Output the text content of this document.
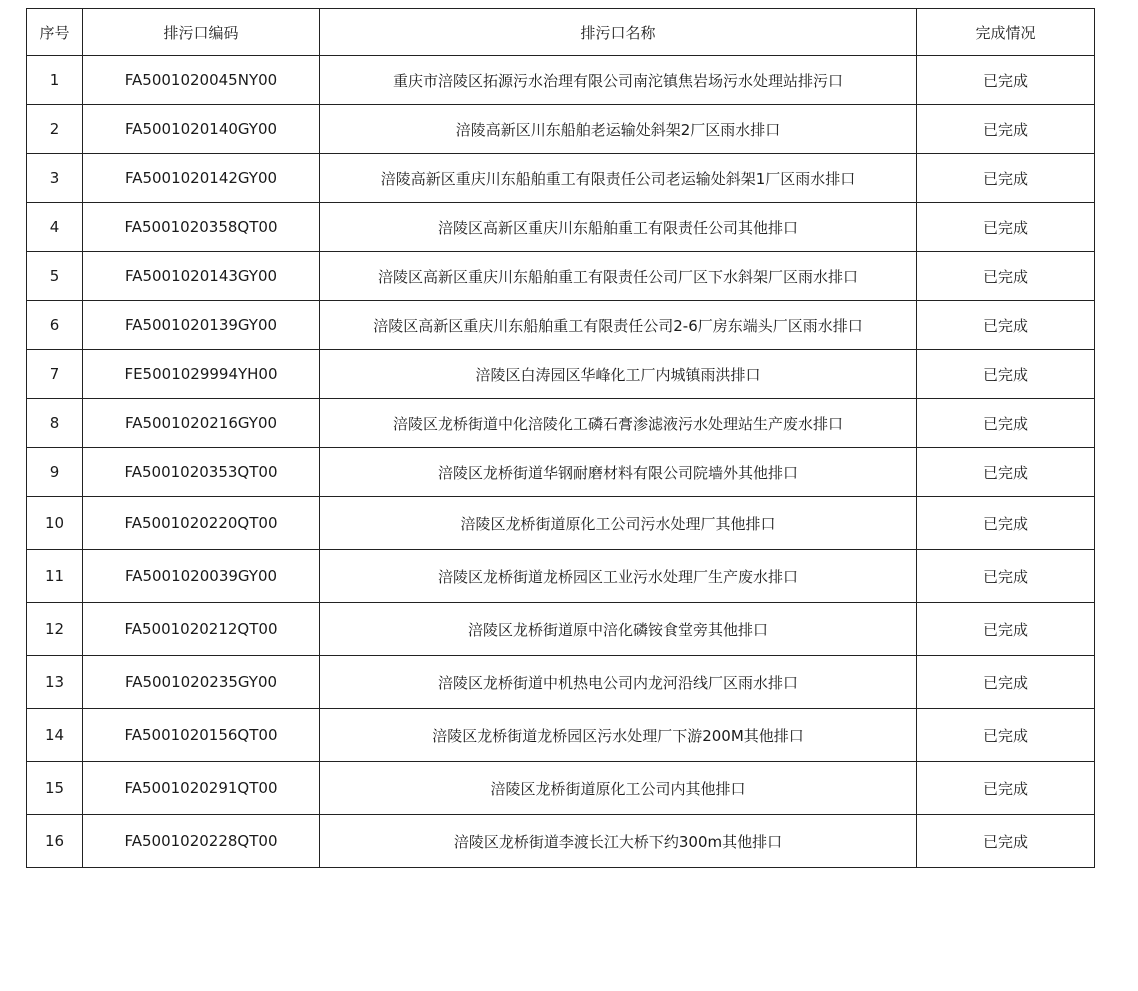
序号	排污口编码	排污口名称	完成情况
1	FA5001020045NY00	重庆市涪陵区拓源污水治理有限公司南沱镇焦岩场污水处理站排污口	已完成
2	FA5001020140GY00	涪陵高新区川东船舶老运输处斜架2厂区雨水排口	已完成
3	FA5001020142GY00	涪陵高新区重庆川东船舶重工有限责任公司老运输处斜架1厂区雨水排口	已完成
4	FA5001020358QT00	涪陵区高新区重庆川东船舶重工有限责任公司其他排口	已完成
5	FA5001020143GY00	涪陵区高新区重庆川东船舶重工有限责任公司厂区下水斜架厂区雨水排口	已完成
6	FA5001020139GY00	涪陵区高新区重庆川东船舶重工有限责任公司2-6厂房东端头厂区雨水排口	已完成
7	FE5001029994YH00	涪陵区白涛园区华峰化工厂内城镇雨洪排口	已完成
8	FA5001020216GY00	涪陵区龙桥街道中化涪陵化工磷石膏渗滤液污水处理站生产废水排口	已完成
9	FA5001020353QT00	涪陵区龙桥街道华钢耐磨材料有限公司院墙外其他排口	已完成
10	FA5001020220QT00	涪陵区龙桥街道原化工公司污水处理厂其他排口	已完成
11	FA5001020039GY00	涪陵区龙桥街道龙桥园区工业污水处理厂生产废水排口	已完成
12	FA5001020212QT00	涪陵区龙桥街道原中涪化磷铵食堂旁其他排口	已完成
13	FA5001020235GY00	涪陵区龙桥街道中机热电公司内龙河沿线厂区雨水排口	已完成
14	FA5001020156QT00	涪陵区龙桥街道龙桥园区污水处理厂下游200M其他排口	已完成
15	FA5001020291QT00	涪陵区龙桥街道原化工公司内其他排口	已完成
16	FA5001020228QT00	涪陵区龙桥街道李渡长江大桥下约300m其他排口	已完成
